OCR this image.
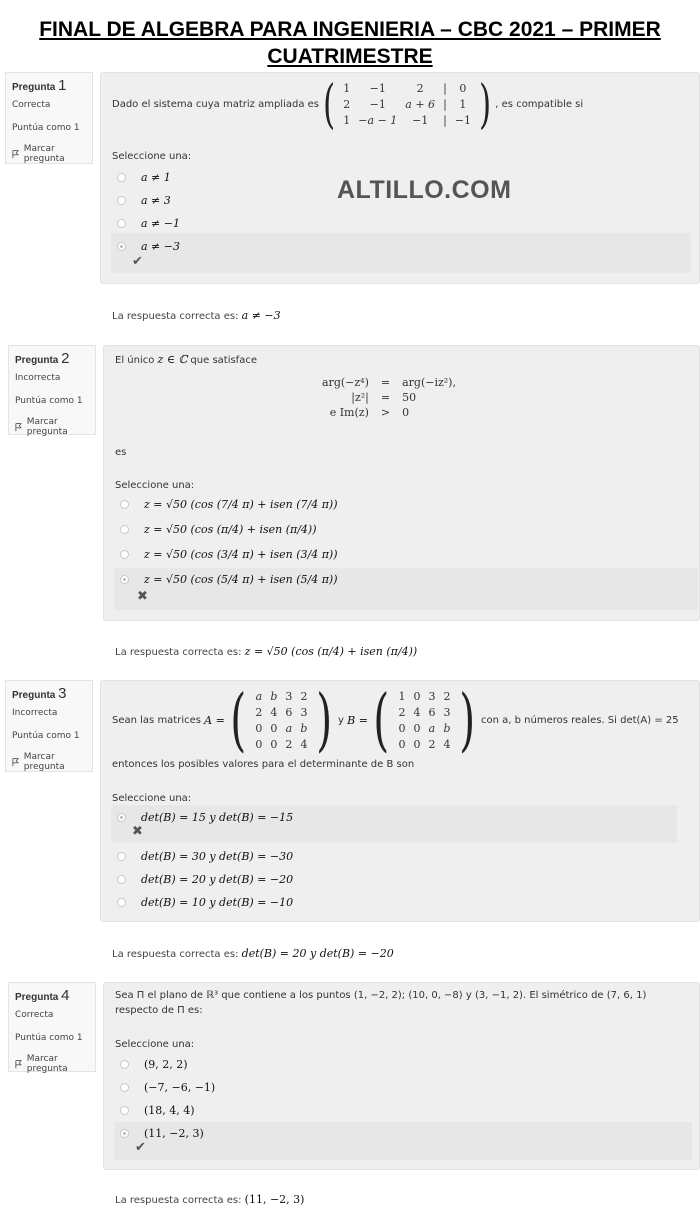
FINAL DE ALGEBRA PARA INGENIERIA – CBC 2021 – PRIMER
CUATRIMESTRE
Pregunta 1
Correcta
Puntúa como 1
Marcar pregunta
Dado el sistema cuya matriz ampliada es ( 1	−1	2	|	0
2	−1	a + 6	|	1
1	−a − 1	−1	|	−1 ) , es compatible si
Seleccione una:
a ≠ 1
a ≠ 3
a ≠ −1
a ≠ −3
✔
La respuesta correcta es: a ≠ −3
Pregunta 2
Incorrecta
Puntúa como 1
Marcar pregunta
El único z ∈ ℂ que satisface
arg(−z⁴)	=	arg(−iz²),
|z²|	=	50
e Im(z)	>	0
es
Seleccione una:
z = √50 (cos (7/4 π) + isen (7/4 π))
z = √50 (cos (π/4) + isen (π/4))
z = √50 (cos (3/4 π) + isen (3/4 π))
z = √50 (cos (5/4 π) + isen (5/4 π))
✖
La respuesta correcta es: z = √50 (cos (π/4) + isen (π/4))
Pregunta 3
Incorrecta
Puntúa como 1
Marcar pregunta
Sean las matrices
A = ( a	b	3	2
2	4	6	3
0	0	a	b
0	0	2	4 ) y
B = ( 1	0	3	2
2	4	6	3
0	0	a	b
0	0	2	4 ) con a, b números reales. Si det(A) = 25
entonces los posibles valores para el determinante de B son
Seleccione una:
det(B) = 15 y det(B) = −15
✖
det(B) = 30 y det(B) = −30
det(B) = 20 y det(B) = −20
det(B) = 10 y det(B) = −10
La respuesta correcta es: det(B) = 20 y det(B) = −20
Pregunta 4
Correcta
Puntúa como 1
Marcar pregunta
Sea Π el plano de ℝ³ que contiene a los puntos (1, −2, 2); (10, 0, −8) y (3, −1, 2). El simétrico de (7, 6, 1)
respecto de Π es:
Seleccione una:
(9, 2, 2)
(−7, −6, −1)
(18, 4, 4)
(11, −2, 3)
✔
La respuesta correcta es: (11, −2, 3)
ALTILLO.COM
